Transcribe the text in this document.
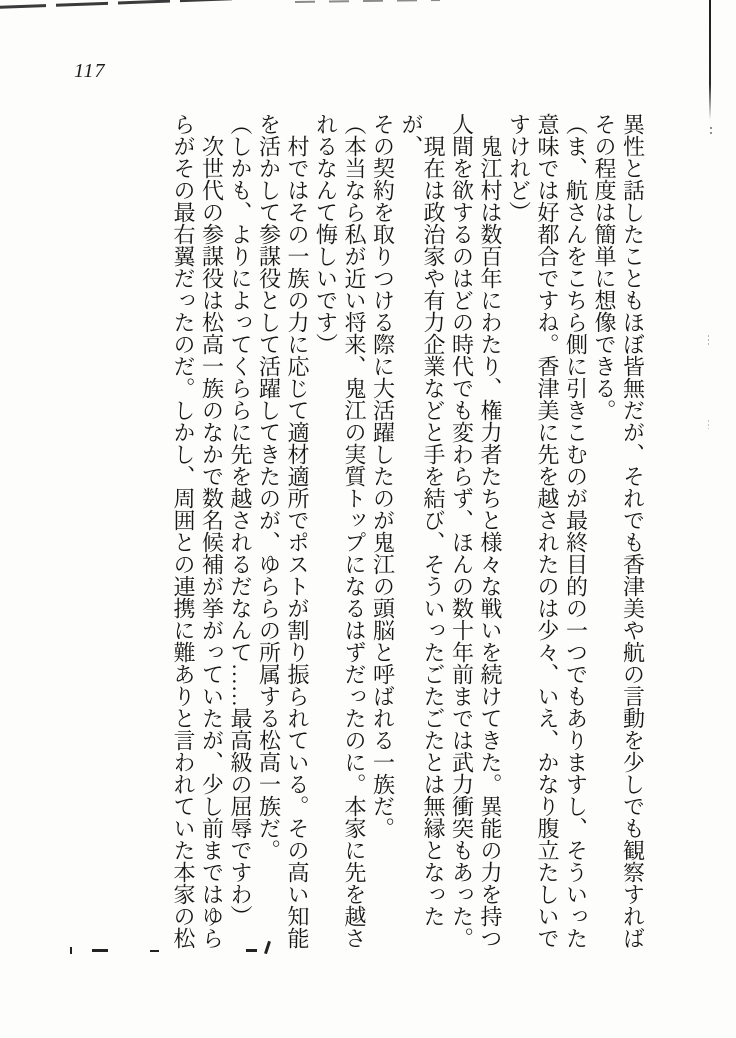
117

異性と話したこともほぼ皆無だが、それでも香津美や航の言動を少しでも観察すれば

その程度は簡単に想像できる。

（ま、航さんをこちら側に引きこむのが最終目的の一つでもありますし、そういった

意味では好都合ですね。香津美に先を越されたのは少々、いえ、かなり腹立たしいで

すけれど）

鬼江村は数百年にわたり、権力者たちと様々な戦いを続けてきた。異能の力を持つ

人間を欲するのはどの時代でも変わらず、ほんの数十年前までは武力衝突もあった。

現在は政治家や有力企業などと手を結び、そういったごたごたとは無縁となったが、

その契約を取りつける際に大活躍したのが鬼江の頭脳と呼ばれる一族だ。

（本当なら私が近い将来、鬼江の実質トップになるはずだったのに。本家に先を越さ

れるなんて悔しいです）

村ではその一族の力に応じて適材適所でポストが割り振られている。その高い知能

を活かして参謀役として活躍してきたのが、ゆららの所属する松高一族だ。

（しかも、よりによってくららに先を越されるだなんて……最高級の屈辱ですわ）

次世代の参謀役は松高一族のなかで数名候補が挙がっていたが、少し前まではゆら

らがその最右翼だったのだ。しかし、周囲との連携に難ありと言われていた本家の松
